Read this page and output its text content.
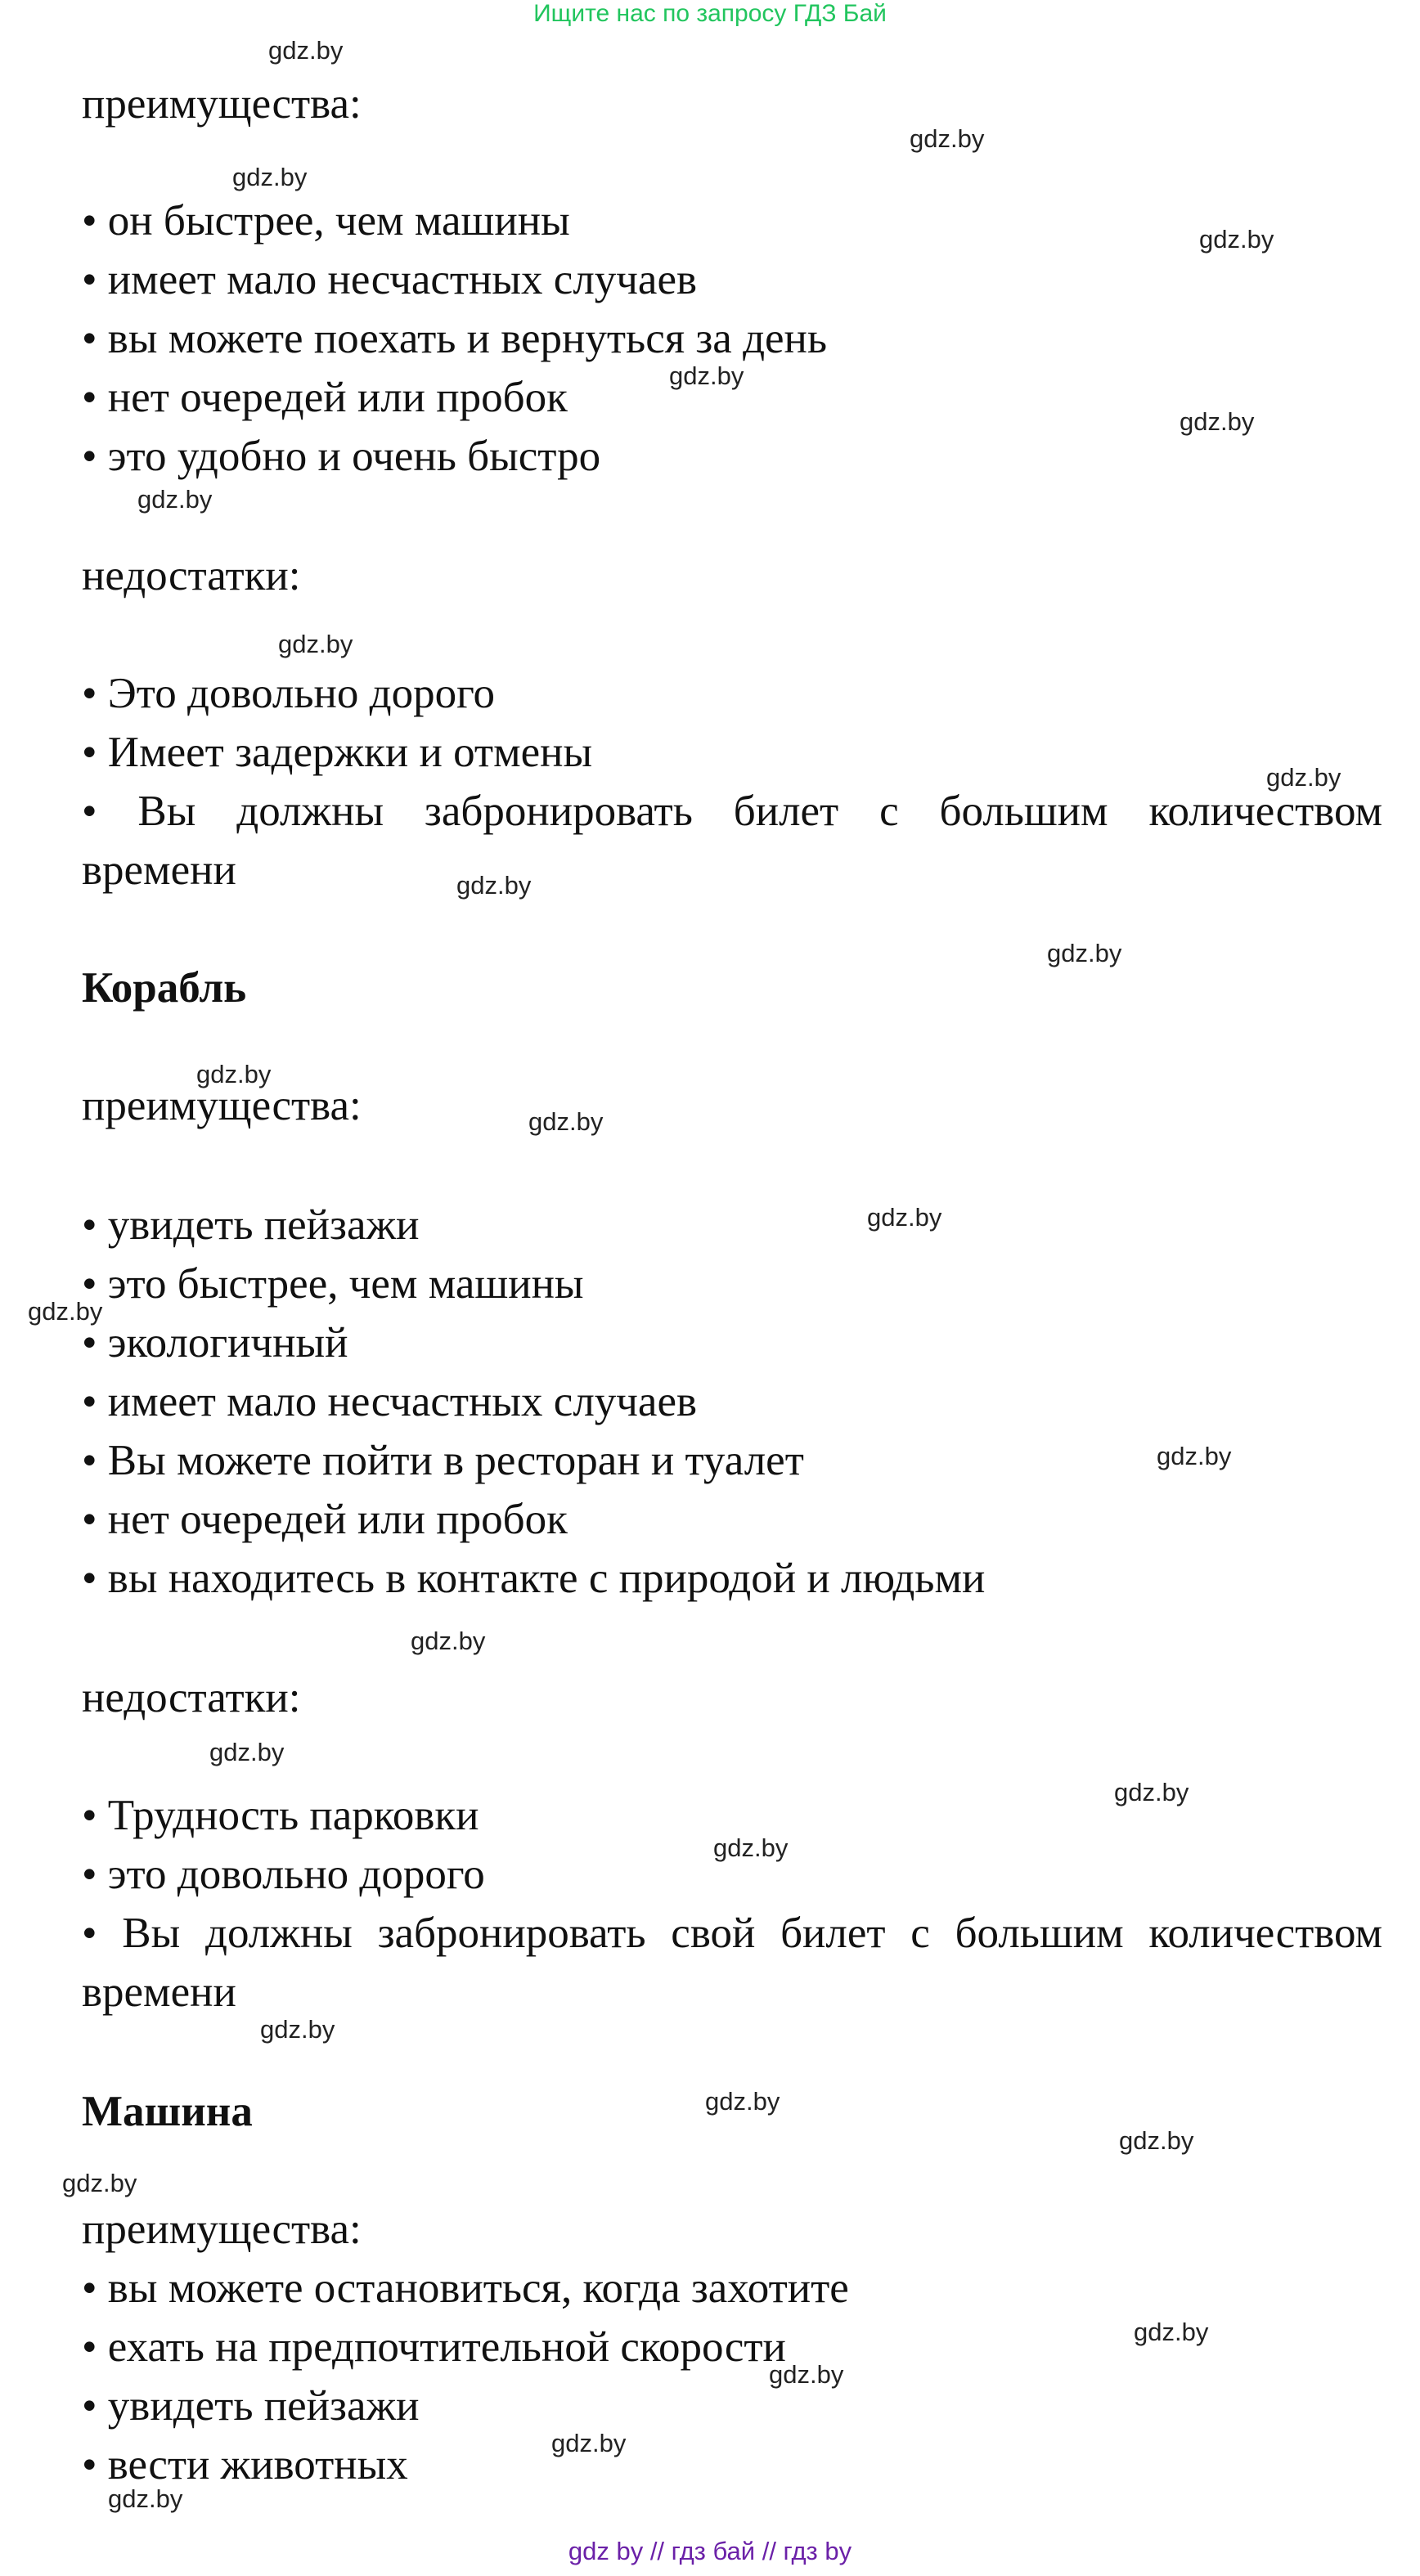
Ищите нас по запросу ГДЗ Бай
преимущества:
• он быстрее, чем машины
• имеет мало несчастных случаев
• вы можете поехать и вернуться за день
• нет очередей или пробок
• это удобно и очень быстро
недостатки:
• Это довольно дорого
• Имеет задержки и отмены
• Вы должны забронировать билет с большим количеством
времени
Корабль
преимущества:
• увидеть пейзажи
• это быстрее, чем машины
• экологичный
• имеет мало несчастных случаев
• Вы можете пойти в ресторан и туалет
• нет очередей или пробок
• вы находитесь в контакте с природой и людьми
недостатки:
• Трудность парковки
• это довольно дорого
• Вы должны забронировать свой билет с большим количеством
времени
Машина
преимущества:
• вы можете остановиться, когда захотите
• ехать на предпочтительной скорости
• увидеть пейзажи
• вести животных
gdz.by
gdz.by
gdz.by
gdz.by
gdz.by
gdz.by
gdz.by
gdz.by
gdz.by
gdz.by
gdz.by
gdz.by
gdz.by
gdz.by
gdz.by
gdz.by
gdz.by
gdz.by
gdz.by
gdz.by
gdz.by
gdz.by
gdz.by
gdz.by
gdz.by
gdz.by
gdz.by
gdz.by
gdz by // гдз бай // гдз by
